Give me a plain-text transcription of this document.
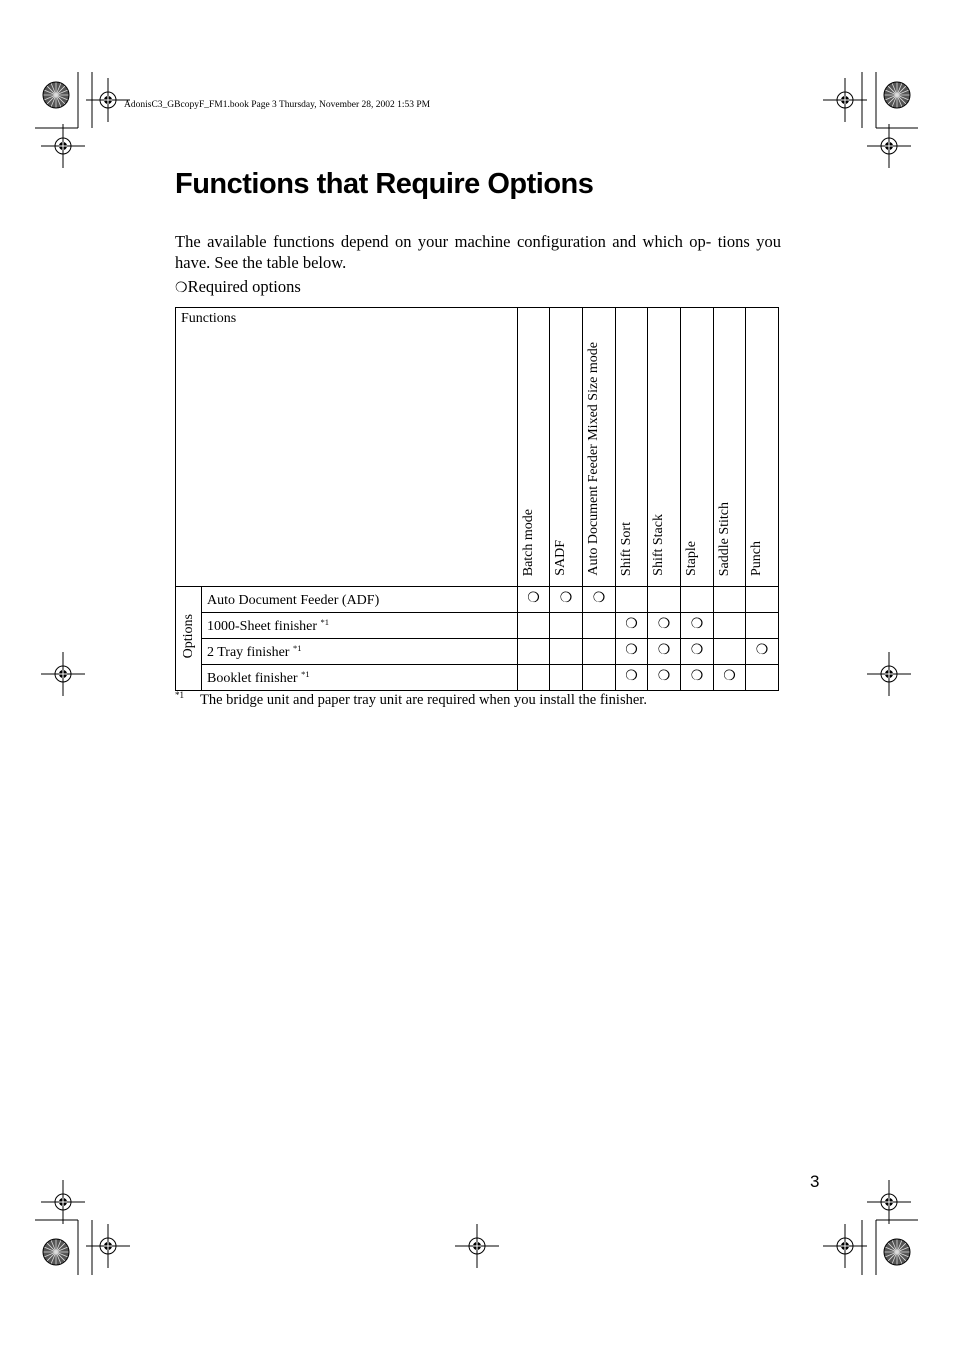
AdonisC3_GBcopyF_FM1.book Page 3 Thursday, November 28, 2002 1:53 PM
Functions that Require Options

The available functions depend on your machine configuration and which op- tions you have. See the table below.

❍Required options
Functions		Batch mode	SADF	Auto Document Feeder Mixed Size mode	Shift Sort	Shift Stack	Staple	Saddle Stitch	Punch
Options	Auto Document Feeder (ADF)	❍	❍	❍					
	1000-Sheet finisher $^{*1}$				❍	❍	❍		
	2 Tray finisher $^{*1}$				❍	❍	❍		❍
	Booklet finisher $^{*1}$				❍	❍	❍	❍	
*1 The bridge unit and paper tray unit are required when you install the finisher.
3
